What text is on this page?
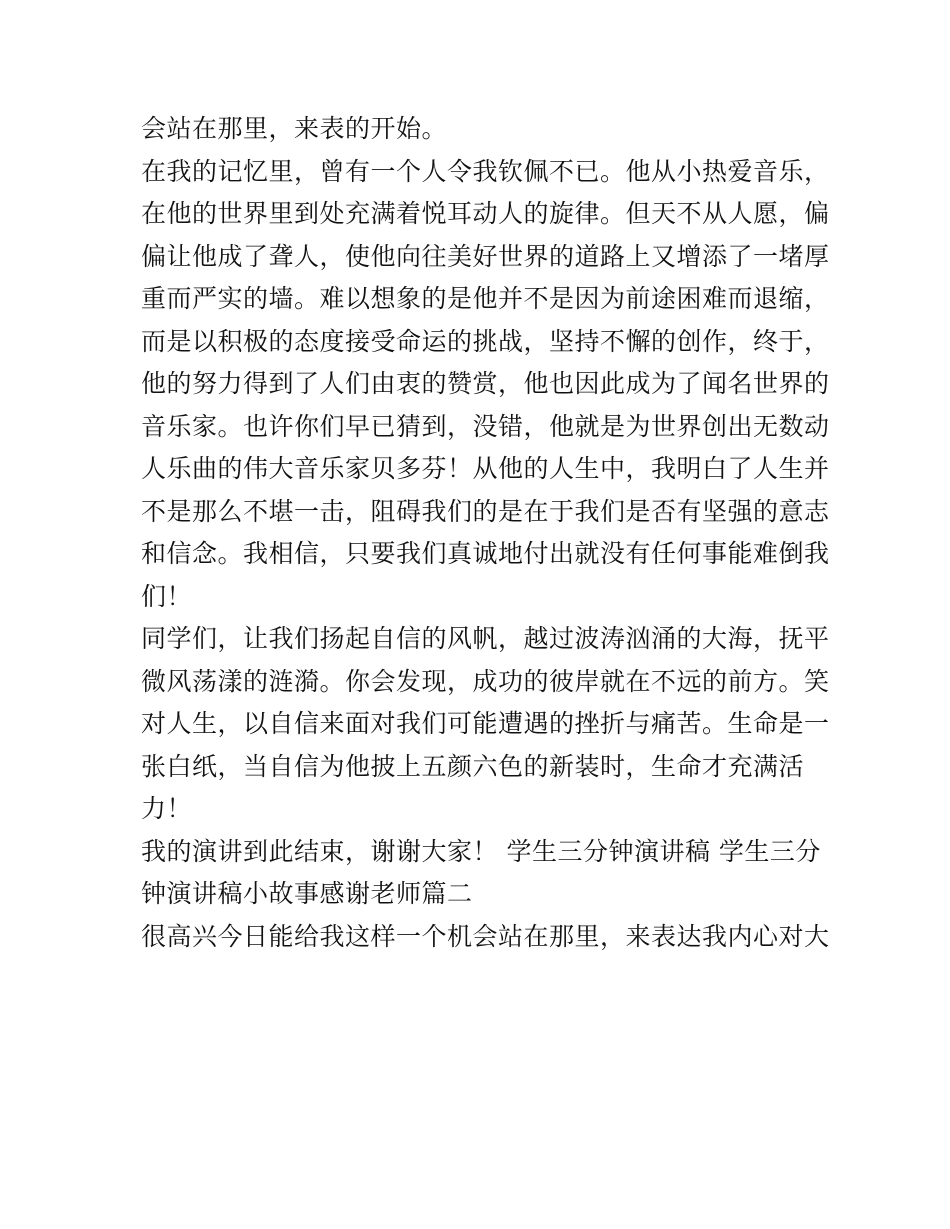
会站在那里，来表的开始。
在我的记忆里，曾有一个人令我钦佩不已。他从小热爱音乐，
在他的世界里到处充满着悦耳动人的旋律。但天不从人愿，偏
偏让他成了聋人，使他向往美好世界的道路上又增添了一堵厚
重而严实的墙。难以想象的是他并不是因为前途困难而退缩，
而是以积极的态度接受命运的挑战，坚持不懈的创作，终于，
他的努力得到了人们由衷的赞赏，他也因此成为了闻名世界的
音乐家。也许你们早已猜到，没错，他就是为世界创出无数动
人乐曲的伟大音乐家贝多芬！从他的人生中，我明白了人生并
不是那么不堪一击，阻碍我们的是在于我们是否有坚强的意志
和信念。我相信，只要我们真诚地付出就没有任何事能难倒我
们！
同学们，让我们扬起自信的风帆，越过波涛汹涌的大海，抚平
微风荡漾的涟漪。你会发现，成功的彼岸就在不远的前方。笑
对人生，以自信来面对我们可能遭遇的挫折与痛苦。生命是一
张白纸，当自信为他披上五颜六色的新装时，生命才充满活
力！
我的演讲到此结束，谢谢大家！ 学生三分钟演讲稿 学生三分
钟演讲稿小故事感谢老师篇二
很高兴今日能给我这样一个机会站在那里，来表达我内心对大
